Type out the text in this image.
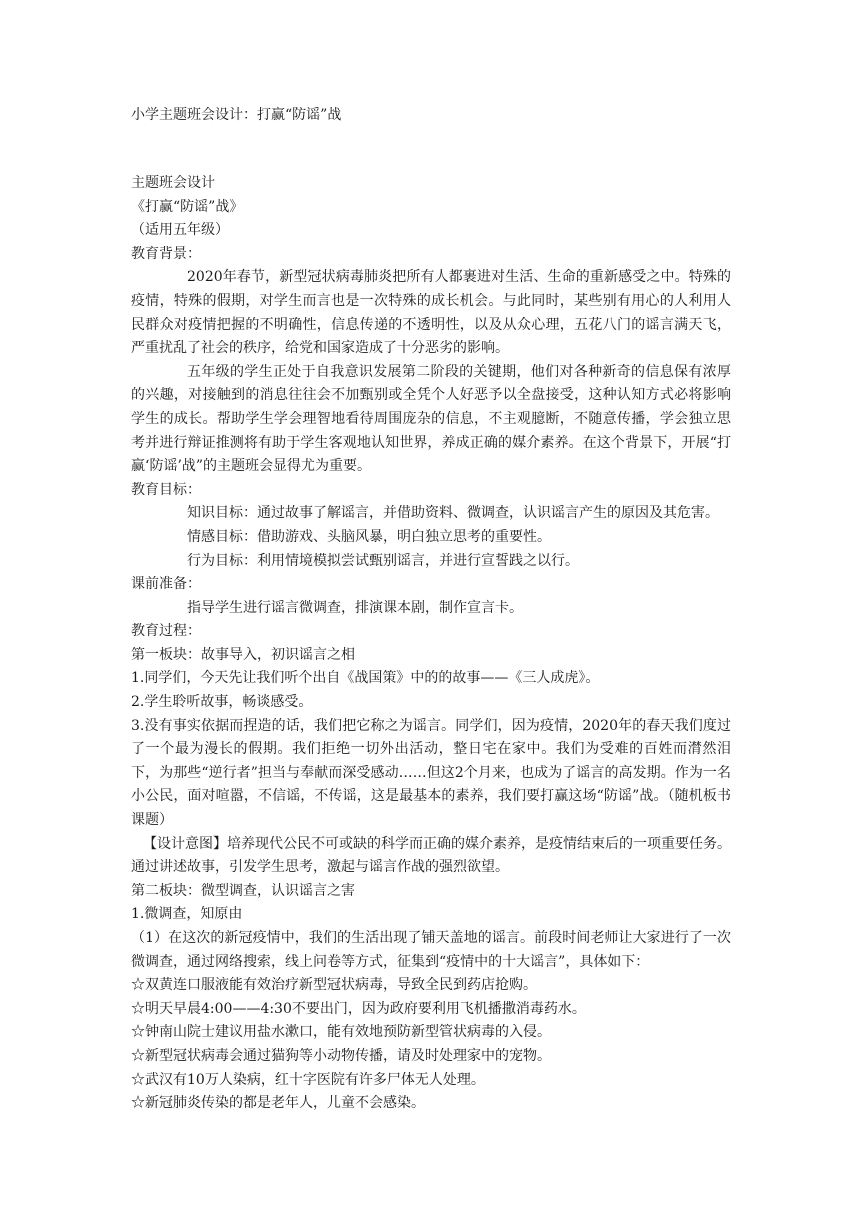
小学主题班会设计：打赢“防谣”战
主题班会设计
《打赢“防谣”战》
（适用五年级）
教育背景：
2020年春节，新型冠状病毒肺炎把所有人都裹进对生活、生命的重新感受之中。特殊的疫情，特殊的假期，对学生而言也是一次特殊的成长机会。与此同时，某些别有用心的人利用人民群众对疫情把握的不明确性，信息传递的不透明性，以及从众心理，五花八门的谣言满天飞，严重扰乱了社会的秩序，给党和国家造成了十分恶劣的影响。
五年级的学生正处于自我意识发展第二阶段的关键期，他们对各种新奇的信息保有浓厚的兴趣，对接触到的消息往往会不加甄别或全凭个人好恶予以全盘接受，这种认知方式必将影响学生的成长。帮助学生学会理智地看待周围庞杂的信息，不主观臆断，不随意传播，学会独立思考并进行辩证推测将有助于学生客观地认知世界，养成正确的媒介素养。在这个背景下，开展“打赢‘防谣’战”的主题班会显得尤为重要。
教育目标：
知识目标：通过故事了解谣言，并借助资料、微调查，认识谣言产生的原因及其危害。
情感目标：借助游戏、头脑风暴，明白独立思考的重要性。
行为目标：利用情境模拟尝试甄别谣言，并进行宣誓践之以行。
课前准备：
指导学生进行谣言微调查，排演课本剧，制作宣言卡。
教育过程：
第一板块：故事导入，初识谣言之相
1.同学们，今天先让我们听个出自《战国策》中的的故事——《三人成虎》。
2.学生聆听故事，畅谈感受。
3.没有事实依据而捏造的话，我们把它称之为谣言。同学们，因为疫情，2020年的春天我们度过了一个最为漫长的假期。我们拒绝一切外出活动，整日宅在家中。我们为受难的百姓而潸然泪下，为那些“逆行者”担当与奉献而深受感动……但这2个月来，也成为了谣言的高发期。作为一名小公民，面对喧嚣，不信谣，不传谣，这是最基本的素养，我们要打赢这场“防谣”战。（随机板书课题）
【设计意图】培养现代公民不可或缺的科学而正确的媒介素养，是疫情结束后的一项重要任务。通过讲述故事，引发学生思考，激起与谣言作战的强烈欲望。
第二板块：微型调查，认识谣言之害
1.微调查，知原由
（1）在这次的新冠疫情中，我们的生活出现了铺天盖地的谣言。前段时间老师让大家进行了一次微调查，通过网络搜索，线上问卷等方式，征集到“疫情中的十大谣言”，具体如下：
☆双黄连口服液能有效治疗新型冠状病毒，导致全民到药店抢购。
☆明天早晨4:00——4:30不要出门，因为政府要利用飞机播撒消毒药水。
☆钟南山院士建议用盐水漱口，能有效地预防新型管状病毒的入侵。
☆新型冠状病毒会通过猫狗等小动物传播，请及时处理家中的宠物。
☆武汉有10万人染病，红十字医院有许多尸体无人处理。
☆新冠肺炎传染的都是老年人，儿童不会感染。
